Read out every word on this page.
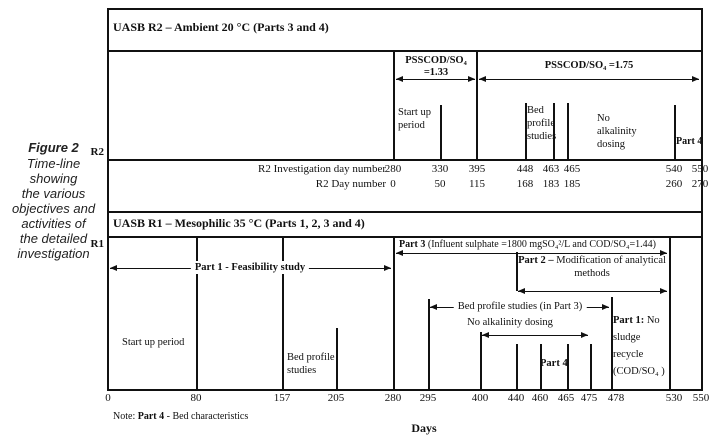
Figure 2
Time-line
showing
the various
objectives and
activities of
the detailed
investigation
UASB R2 – Ambient 20 °C (Parts 3 and 4)
UASB R1 – Mesophilic 35 °C (Parts 1, 2, 3 and 4)
R2
R1
PSSCOD/SO₄
=1.33
PSSCOD/SO₄ =1.75
Start up period
Bed profile studies
No alkalinity dosing	Part 4
R2 Investigation day number
R2 Day number
280	330 395	448 463 465	540 550
0	50 115	168 183 185	260 270
Part 1 - Feasibility study
Part 3 (Influent sulphate =1800 mgSO₄²/L and COD/SO₄=1.44)
Part 2 – Modification of analytical
methods
Bed profile studies (in Part 3)
No alkalinity dosing
Start up period
Bed profile studies
Part 4
Part 1: No
sludge
recycle
(COD/SO₄ )
0	80	157	205	280 295	400 440 460 465 475 478	530 550
Note: Part 4 - Bed characteristics
Days
